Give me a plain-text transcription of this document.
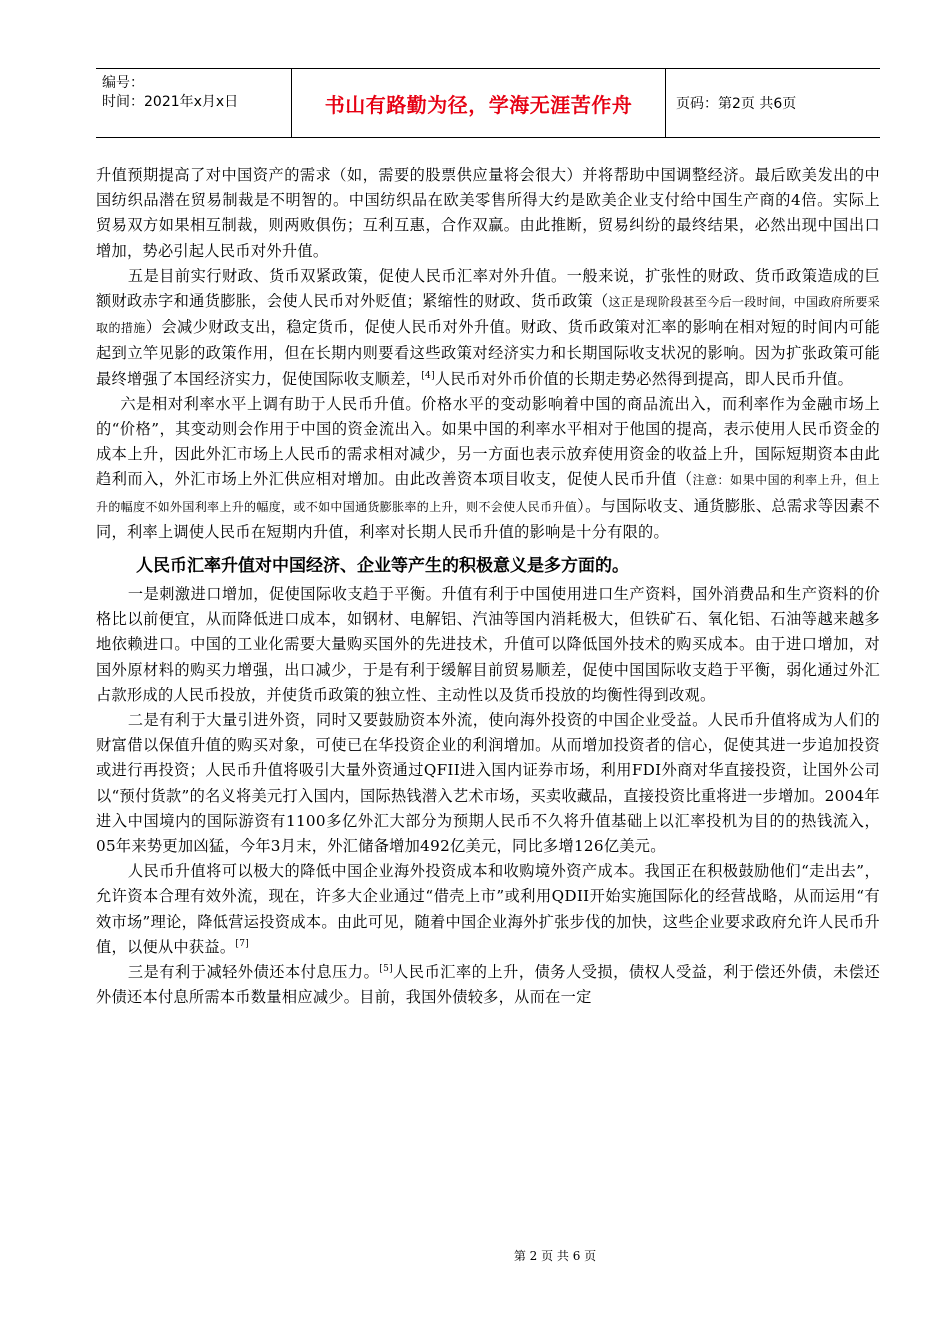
编号：
时间：2021年x月x日	书山有路勤为径，学海无涯苦作舟	页码：第2页 共6页

升值预期提高了对中国资产的需求（如，需要的股票供应量将会很大）并将帮助中国调整经济。最后欧美发出的中国纺织品潜在贸易制裁是不明智的。中国纺织品在欧美零售所得大约是欧美企业支付给中国生产商的4倍。实际上贸易双方如果相互制裁，则两败俱伤；互利互惠，合作双赢。由此推断，贸易纠纷的最终结果，必然出现中国出口增加，势必引起人民币对外升值。

五是目前实行财政、货币双紧政策，促使人民币汇率对外升值。一般来说，扩张性的财政、货币政策造成的巨额财政赤字和通货膨胀，会使人民币对外贬值；紧缩性的财政、货币政策（这正是现阶段甚至今后一段时间，中国政府所要采取的措施）会减少财政支出，稳定货币，促使人民币对外升值。财政、货币政策对汇率的影响在相对短的时间内可能起到立竿见影的政策作用，但在长期内则要看这些政策对经济实力和长期国际收支状况的影响。因为扩张政策可能最终增强了本国经济实力，促使国际收支顺差，[4]人民币对外币价值的长期走势必然得到提高，即人民币升值。

六是相对利率水平上调有助于人民币升值。价格水平的变动影响着中国的商品流出入，而利率作为金融市场上的“价格”，其变动则会作用于中国的资金流出入。如果中国的利率水平相对于他国的提高，表示使用人民币资金的成本上升，因此外汇市场上人民币的需求相对减少，另一方面也表示放弃使用资金的收益上升，国际短期资本由此趋利而入，外汇市场上外汇供应相对增加。由此改善资本项目收支，促使人民币升值（注意：如果中国的利率上升，但上升的幅度不如外国利率上升的幅度，或不如中国通货膨胀率的上升，则不会使人民币升值）。与国际收支、通货膨胀、总需求等因素不同，利率上调使人民币在短期内升值，利率对长期人民币升值的影响是十分有限的。

人民币汇率升值对中国经济、企业等产生的积极意义是多方面的。

一是刺激进口增加，促使国际收支趋于平衡。升值有利于中国使用进口生产资料，国外消费品和生产资料的价格比以前便宜，从而降低进口成本，如钢材、电解铝、汽油等国内消耗极大，但铁矿石、氧化铝、石油等越来越多地依赖进口。中国的工业化需要大量购买国外的先进技术，升值可以降低国外技术的购买成本。由于进口增加，对国外原材料的购买力增强，出口减少，于是有利于缓解目前贸易顺差，促使中国国际收支趋于平衡，弱化通过外汇占款形成的人民币投放，并使货币政策的独立性、主动性以及货币投放的均衡性得到改观。

二是有利于大量引进外资，同时又要鼓励资本外流，使向海外投资的中国企业受益。人民币升值将成为人们的财富借以保值升值的购买对象，可使已在华投资企业的利润增加。从而增加投资者的信心，促使其进一步追加投资或进行再投资；人民币升值将吸引大量外资通过QFII进入国内证券市场，利用FDI外商对华直接投资，让国外公司以“预付货款”的名义将美元打入国内，国际热钱潜入艺术市场，买卖收藏品，直接投资比重将进一步增加。2004年进入中国境内的国际游资有1100多亿外汇大部分为预期人民币不久将升值基础上以汇率投机为目的的热钱流入，05年来势更加凶猛，今年3月末，外汇储备增加492亿美元，同比多增126亿美元。

人民币升值将可以极大的降低中国企业海外投资成本和收购境外资产成本。我国正在积极鼓励他们“走出去”，允许资本合理有效外流，现在，许多大企业通过“借壳上市”或利用QDII开始实施国际化的经营战略，从而运用“有效市场”理论，降低营运投资成本。由此可见，随着中国企业海外扩张步伐的加快，这些企业要求政府允许人民币升值，以便从中获益。[7]

三是有利于减轻外债还本付息压力。[5]人民币汇率的上升，债务人受损，债权人受益，利于偿还外债，未偿还外债还本付息所需本币数量相应减少。目前，我国外债较多，从而在一定

第 2 页 共 6 页
